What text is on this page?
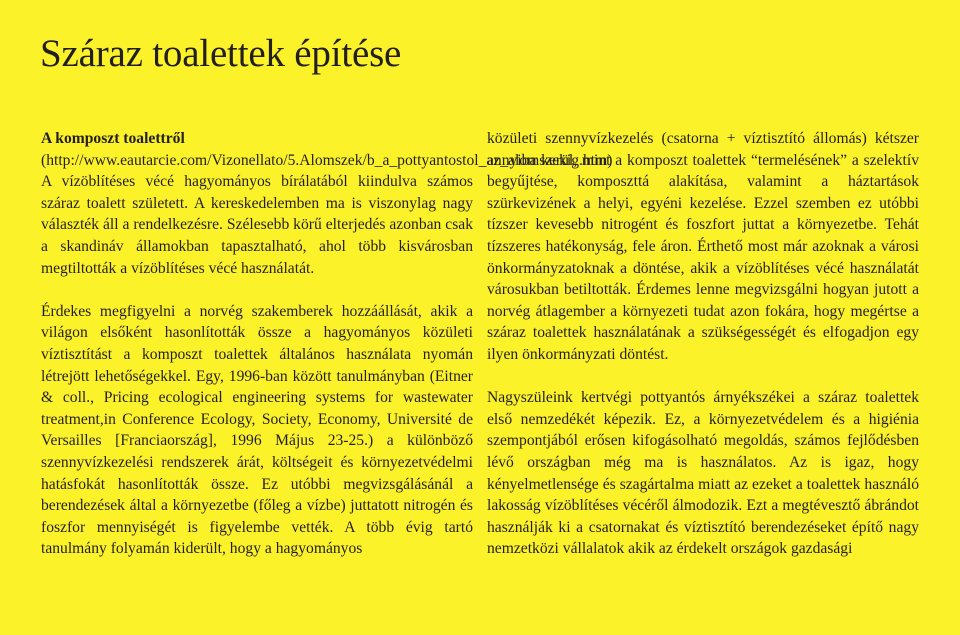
Száraz toalettek építése

A komposzt toalettről
(http://www.eautarcie.com/Vizonellato/5.Alomszek/b_a_pottyantostol_az_alomszekig.htm)
A vízöblítéses vécé hagyományos bírálatából kiindulva számos száraz toalett született. A kereskedelemben ma is viszonylag nagy választék áll a rendelkezésre. Szélesebb körű elterjedés azonban csak a skandináv államokban tapasztalható, ahol több kisvárosban megtiltották a vízöblítéses vécé használatát.

Érdekes megfigyelni a norvég szakemberek hozzáállását, akik a világon elsőként hasonlították össze a hagyományos közületi víztisztítást a komposzt toalettek általános használata nyomán létrejött lehetőségekkel. Egy, 1996-ban között tanulmányban (Eitner & coll., Pricing ecological engineering systems for wastewater treatment,in Conference Ecology, Society, Economy, Université de Versailles [Franciaország], 1996 Május 23-25.) a különböző szennyvízkezelési rendszerek árát, költségeit és környezetvédelmi hatásfokát hasonlították össze. Ez utóbbi megvizsgálásánál a berendezések által a környezetbe (főleg a vízbe) juttatott nitrogén és foszfor mennyiségét is figyelembe vették. A több évig tartó tanulmány folyamán kiderült, hogy a hagyományos

közületi szennyvízkezelés (csatorna + víztisztító állomás) kétszer annyiba kerül, mint a komposzt toalettek “termelésének” a szelektív begyűjtése, komposzttá alakítása, valamint a háztartások szürkevizének a helyi, egyéni kezelése. Ezzel szemben ez utóbbi tízszer kevesebb nitrogént és foszfort juttat a környezetbe. Tehát tízszeres hatékonyság, fele áron. Érthető most már azoknak a városi önkormányzatoknak a döntése, akik a vízöblítéses vécé használatát városukban betiltották. Érdemes lenne megvizsgálni hogyan jutott a norvég átlagember a környezeti tudat azon fokára, hogy megértse a száraz toalettek használatának a szükségességét és elfogadjon egy ilyen önkormányzati döntést.

Nagyszüleink kertvégi pottyantós árnyékszékei a száraz toalettek első nemzedékét képezik. Ez, a környezetvédelem és a higiénia szempontjából erősen kifogásolható megoldás, számos fejlődésben lévő országban még ma is használatos. Az is igaz, hogy kényelmetlensége és szagártalma miatt az ezeket a toalettek használó lakosság vízöblítéses vécéről álmodozik. Ezt a megtévesztő ábrándot használják ki a csatornakat és víztisztító berendezéseket építő nagy nemzetközi vállalatok akik az érdekelt országok gazdasági
